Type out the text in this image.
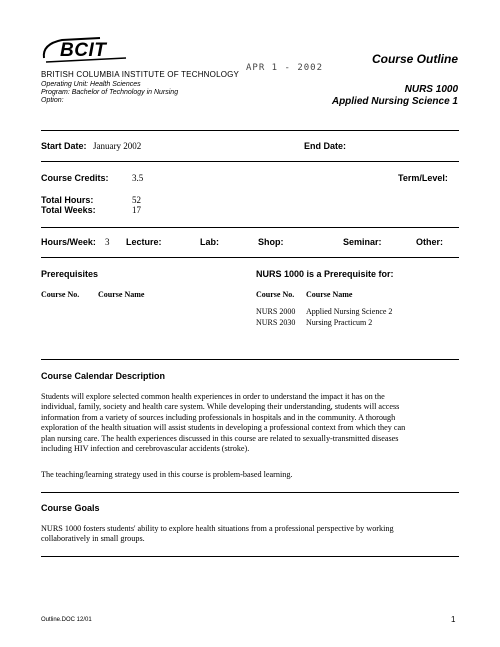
BCIT
BRITISH COLUMBIA INSTITUTE OF TECHNOLOGY
APR 1 - 2002
Operating Unit: Health Sciences
Program: Bachelor of Technology in Nursing
Option:
Course Outline
NURS 1000
Applied Nursing Science 1
Start Date: January 2002	End Date:
Course Credits:	3.5	Term/Level:
Total Hours:	52
Total Weeks:	17
Hours/Week: 3 Lecture:	Lab:	Shop:	Seminar:	Other:
Prerequisites
Course No. Course Name
NURS 1000 is a Prerequisite for:
Course No. Course Name
NURS 2000 Applied Nursing Science 2
NURS 2030 Nursing Practicum 2
Course Calendar Description
Students will explore selected common health experiences in order to understand the impact it has on the
individual, family, society and health care system. While developing their understanding, students will access
information from a variety of sources including professionals in hospitals and in the community. A thorough
exploration of the health situation will assist students in developing a professional context from which they can
plan nursing care. The health experiences discussed in this course are related to sexually-transmitted diseases
including HIV infection and cerebrovascular accidents (stroke).
The teaching/learning strategy used in this course is problem-based learning.
Course Goals
NURS 1000 fosters students' ability to explore health situations from a professional perspective by working
collaboratively in small groups.
Outline.DOC 12/01	1
